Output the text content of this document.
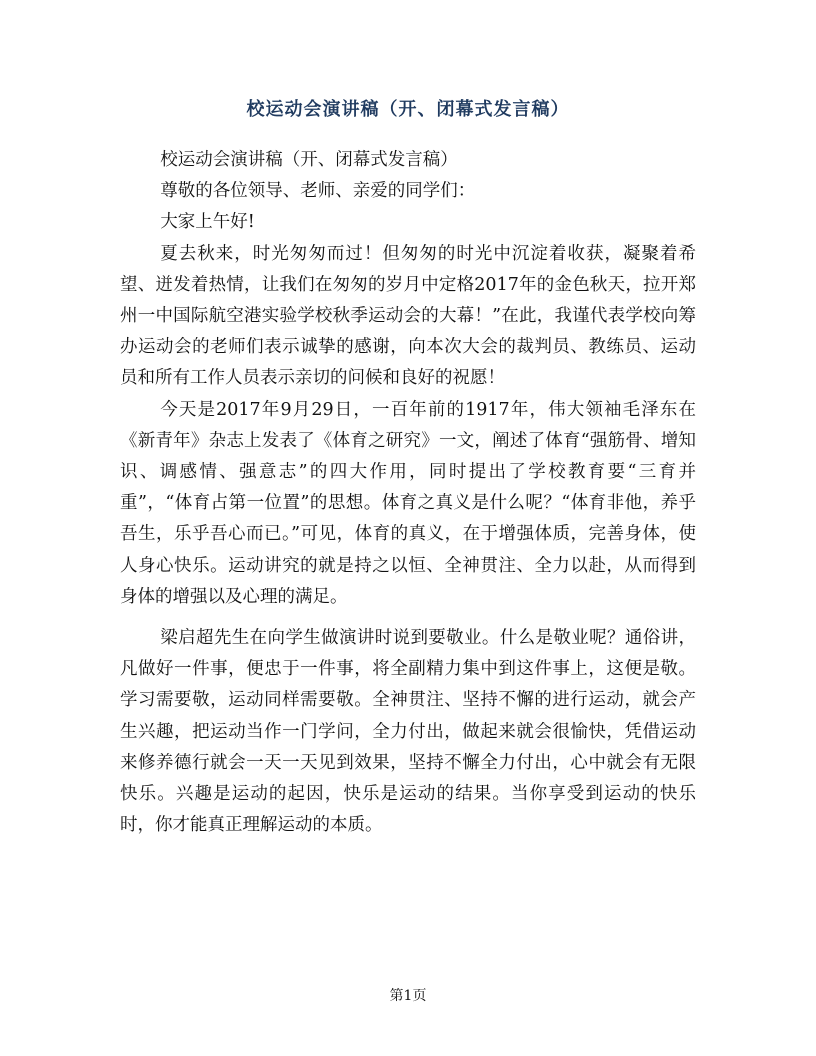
校运动会演讲稿（开、闭幕式发言稿）

校运动会演讲稿（开、闭幕式发言稿）

尊敬的各位领导、老师、亲爱的同学们：

大家上午好!

夏去秋来，时光匆匆而过！但匆匆的时光中沉淀着收获，凝聚着希望、迸发着热情，让我们在匆匆的岁月中定格2017年的金色秋天，拉开郑州一中国际航空港实验学校秋季运动会的大幕！”在此，我谨代表学校向筹办运动会的老师们表示诚挚的感谢，向本次大会的裁判员、教练员、运动员和所有工作人员表示亲切的问候和良好的祝愿！

今天是2017年9月29日，一百年前的1917年，伟大领袖毛泽东在《新青年》杂志上发表了《体育之研究》一文，阐述了体育“强筋骨、增知识、调感情、强意志”的四大作用，同时提出了学校教育要“三育并重”，“体育占第一位置”的思想。体育之真义是什么呢？“体育非他，养乎吾生，乐乎吾心而已。”可见，体育的真义，在于增强体质，完善身体，使人身心快乐。运动讲究的就是持之以恒、全神贯注、全力以赴，从而得到身体的增强以及心理的满足。

梁启超先生在向学生做演讲时说到要敬业。什么是敬业呢？通俗讲，凡做好一件事，便忠于一件事，将全副精力集中到这件事上，这便是敬。学习需要敬，运动同样需要敬。全神贯注、坚持不懈的进行运动，就会产生兴趣，把运动当作一门学问，全力付出，做起来就会很愉快，凭借运动来修养德行就会一天一天见到效果，坚持不懈全力付出，心中就会有无限快乐。兴趣是运动的起因，快乐是运动的结果。当你享受到运动的快乐时，你才能真正理解运动的本质。

第1页
